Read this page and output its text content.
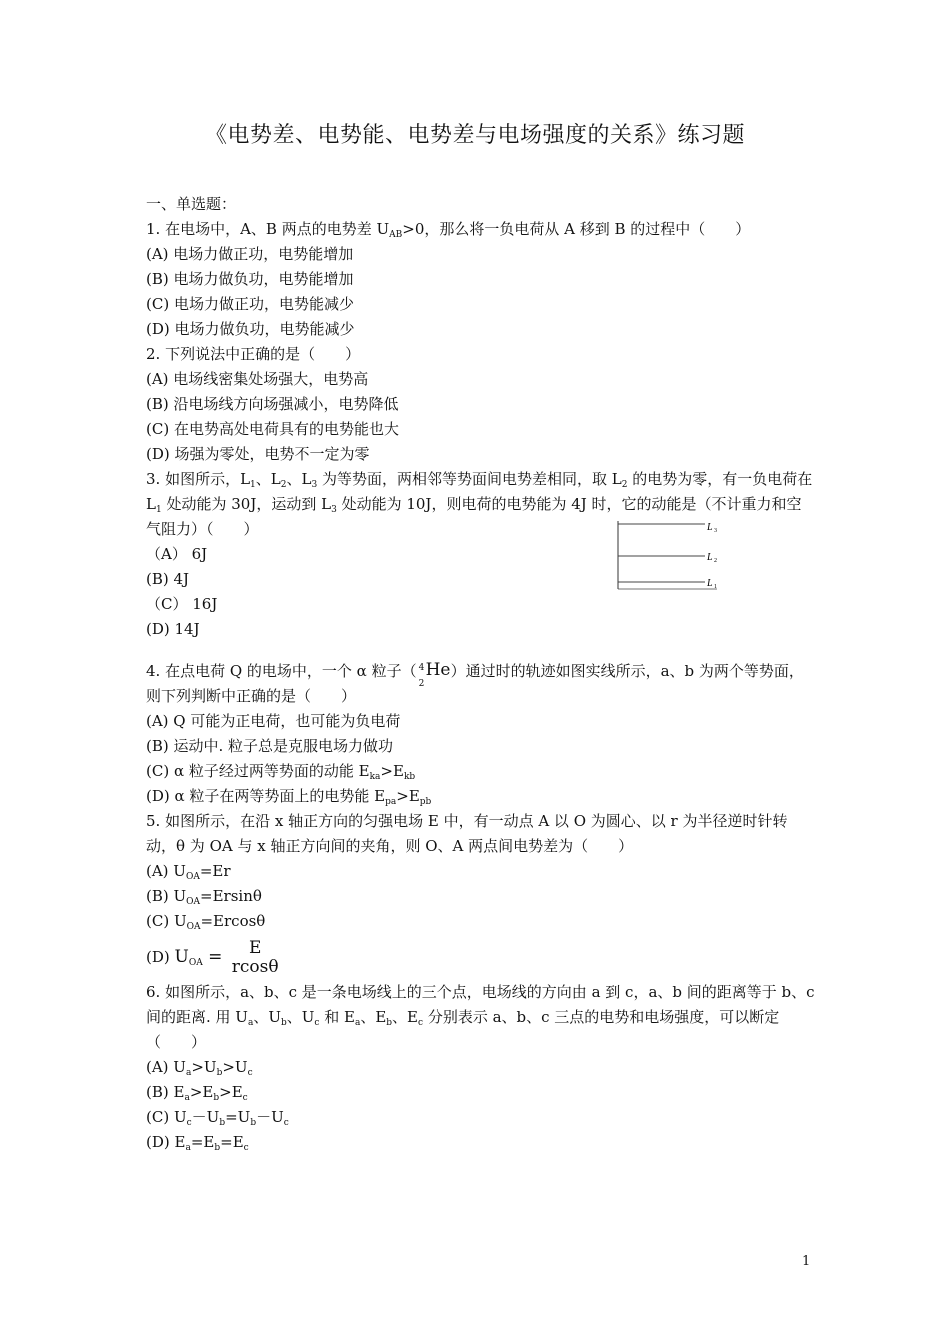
《电势差、电势能、电势差与电场强度的关系》练习题
一、单选题：
1. 在电场中，A、B 两点的电势差 $U_{AB}>0$，那么将一负电荷从 A 移到 B 的过程中（　　）
(A) 电场力做正功，电势能增加
(B) 电场力做负功，电势能增加
(C) 电场力做正功，电势能减少
(D) 电场力做负功，电势能减少
2. 下列说法中正确的是（　　）
(A) 电场线密集处场强大，电势高
(B) 沿电场线方向场强减小，电势降低
(C) 在电势高处电荷具有的电势能也大
(D) 场强为零处，电势不一定为零
3. 如图所示，$L_1$、$L_2$、$L_3$ 为等势面，两相邻等势面间电势差相同，取 $L_2$ 的电势为零，有一负电荷在 $L_1$ 处动能为 30J，运动到 $L_3$ 处动能为 10J，则电荷的电势能为 4J 时，它的动能是（不计重力和空气阻力）（　　）
（A） 6J
(B) 4J
（C） 16J
(D) 14J
4. 在点电荷 Q 的电场中，一个 α 粒子（ 4
2
He ）通过时的轨迹如图实线所示，a、b 为两个等势面，则下列判断中正确的是（　　）
(A) Q 可能为正电荷，也可能为负电荷
(B) 运动中. 粒子总是克服电场力做功
(C) α 粒子经过两等势面的动能 $E_{ka}>E_{kb}$
(D) α 粒子在两等势面上的电势能 $E_{pa}>E_{pb}$
5. 如图所示，在沿 x 轴正方向的匀强电场 E 中，有一动点 A 以 O 为圆心、以 r 为半径逆时针转动，θ 为 OA 与 x 轴正方向间的夹角，则 O、A 两点间电势差为（　　）
(A) $U_{OA}=Er$
(B) $U_{OA}=Ersin\theta$
(C) $U_{OA}=Ercos\theta$
(D) $U_{OA}$ =	E
rcosθ
6. 如图所示，a、b、c 是一条电场线上的三个点，电场线的方向由 a 到 c，a、b 间的距离等于 b、c 间的距离. 用 $U_a$、$U_b$、$U_c$ 和 $E_a$、$E_b$、$E_c$ 分别表示 a、b、c 三点的电势和电场强度，可以断定（　　）
(A) $U_a>U_b>U_c$
(B) $E_a>E_b>E_c$
(C) $U_c-U_b=U_b-U_c$
(D) $E_a=E_b=E_c$
L 3
L 2
L 1
1
